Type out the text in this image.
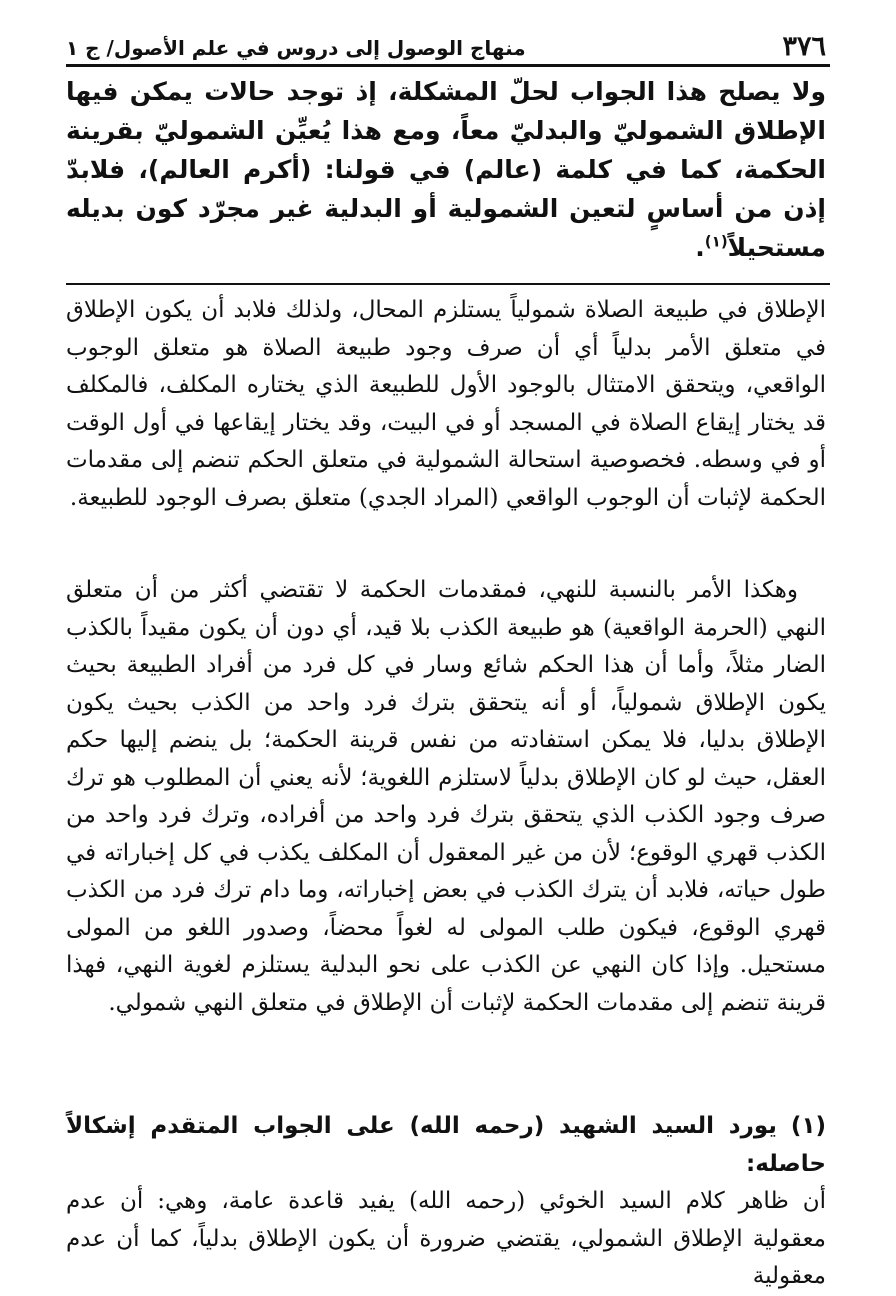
٣٧٦
منهاج الوصول إلى دروس في علم الأصول/ ج ١

ولا يصلح هذا الجواب لحلّ المشكلة، إذ توجد حالات يمكن فيها الإطلاق الشموليّ والبدليّ معاً، ومع هذا يُعيِّن الشموليّ بقرينة الحكمة، كما في كلمة (عالم) في قولنا: (أكرم العالم)، فلابدّ إذن من أساسٍ لتعين الشمولية أو البدلية غير مجرّد كون بديله مستحيلاً$^{(١)}$.

الإطلاق في طبيعة الصلاة شمولياً يستلزم المحال، ولذلك فلابد أن يكون الإطلاق في متعلق الأمر بدلياً أي أن صرف وجود طبيعة الصلاة هو متعلق الوجوب الواقعي، ويتحقق الامتثال بالوجود الأول للطبيعة الذي يختاره المكلف، فالمكلف قد يختار إيقاع الصلاة في المسجد أو في البيت، وقد يختار إيقاعها في أول الوقت أو في وسطه. فخصوصية استحالة الشمولية في متعلق الحكم تنضم إلى مقدمات الحكمة لإثبات أن الوجوب الواقعي (المراد الجدي) متعلق بصرف الوجود للطبيعة.

وهكذا الأمر بالنسبة للنهي، فمقدمات الحكمة لا تقتضي أكثر من أن متعلق النهي (الحرمة الواقعية) هو طبيعة الكذب بلا قيد، أي دون أن يكون مقيداً بالكذب الضار مثلاً، وأما أن هذا الحكم شائع وسار في كل فرد من أفراد الطبيعة بحيث يكون الإطلاق شمولياً، أو أنه يتحقق بترك فرد واحد من الكذب بحيث يكون الإطلاق بدليا، فلا يمكن استفادته من نفس قرينة الحكمة؛ بل ينضم إليها حكم العقل، حيث لو كان الإطلاق بدلياً لاستلزم اللغوية؛ لأنه يعني أن المطلوب هو ترك صرف وجود الكذب الذي يتحقق بترك فرد واحد من أفراده، وترك فرد واحد من الكذب قهري الوقوع؛ لأن من غير المعقول أن المكلف يكذب في كل إخباراته في طول حياته، فلابد أن يترك الكذب في بعض إخباراته، وما دام ترك فرد من الكذب قهري الوقوع، فيكون طلب المولى له لغواً محضاً، وصدور اللغو من المولى مستحيل. وإذا كان النهي عن الكذب على نحو البدلية يستلزم لغوية النهي، فهذا قرينة تنضم إلى مقدمات الحكمة لإثبات أن الإطلاق في متعلق النهي شمولي.

(١) يورد السيد الشهيد (رحمه الله) على الجواب المتقدم إشكالاً حاصله:
أن ظاهر كلام السيد الخوئي (رحمه الله) يفيد قاعدة عامة، وهي: أن عدم معقولية الإطلاق الشمولي، يقتضي ضرورة أن يكون الإطلاق بدلياً، كما أن عدم معقولية
